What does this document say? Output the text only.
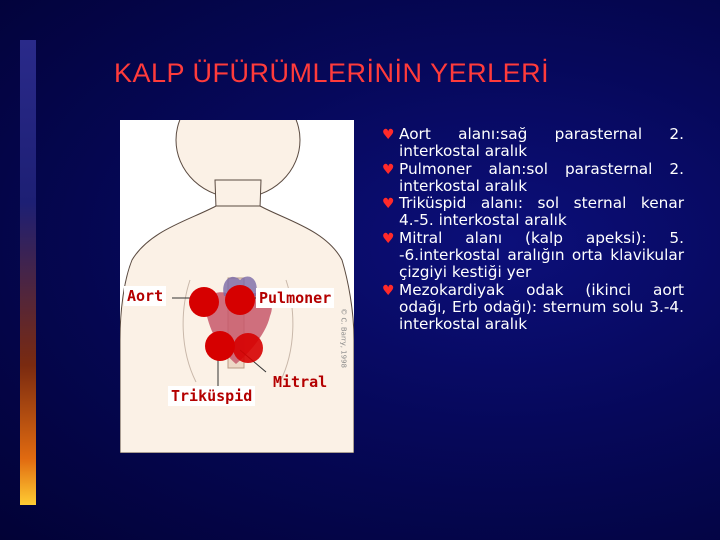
KALP ÜFÜRÜMLERİNİN YERLERİ
Aort	Pulmoner
Mitral
Triküspid
© C. Barry, 1998
♥ Aort alanı:sağ parasternal 2. interkostal aralık
♥ Pulmoner alan:sol parasternal 2. interkostal aralık
♥ Triküspid alanı: sol sternal kenar 4.-5. interkostal aralık
♥ Mitral alanı (kalp apeksi): 5. -6.interkostal aralığın orta klavikular çizgiyi kestiği yer
♥ Mezokardiyak odak (ikinci aort odağı, Erb odağı): sternum solu 3.-4. interkostal aralık
